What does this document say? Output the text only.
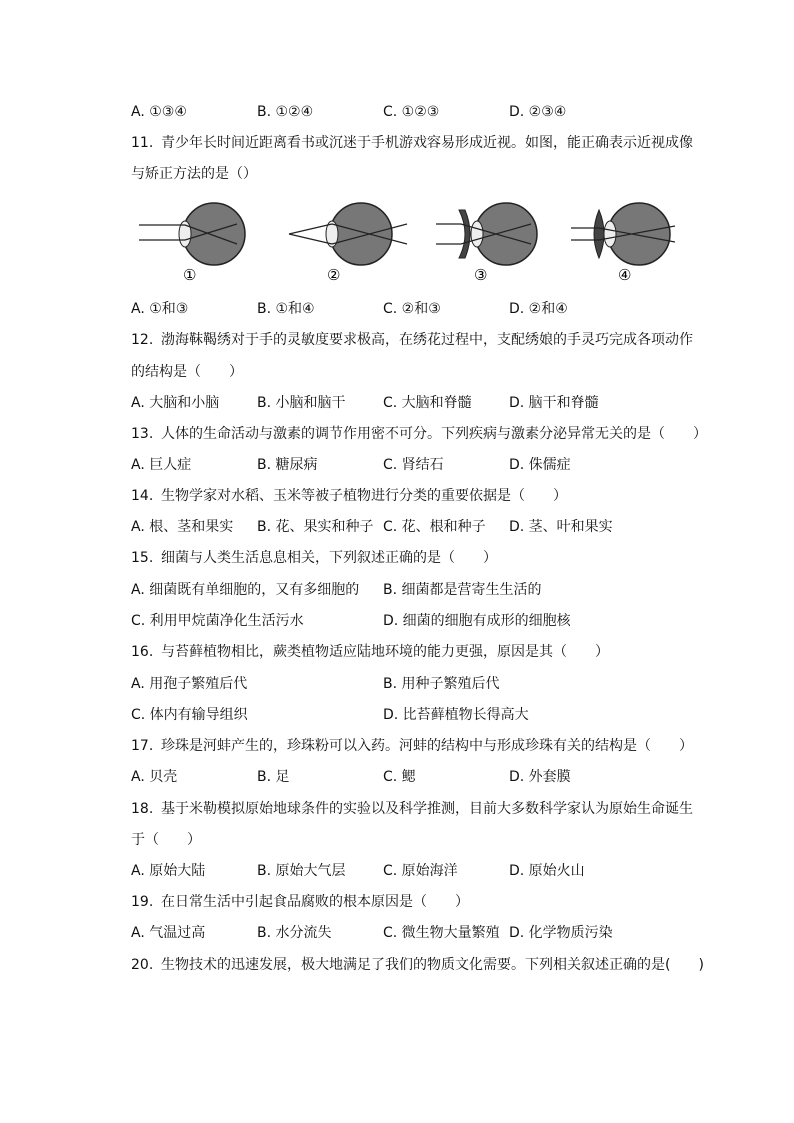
A. ①③④	B. ①②④	C. ①②③	D. ②③④
11. 青少年长时间近距离看书或沉迷于手机游戏容易形成近视。如图，能正确表示近视成像
与矫正方法的是（）
①	②	③	④
A. ①和③	B. ①和④	C. ②和③	D. ②和④
12. 渤海靺鞨绣对于手的灵敏度要求极高，在绣花过程中，支配绣娘的手灵巧完成各项动作
的结构是（　　）
A. 大脑和小脑	B. 小脑和脑干	C. 大脑和脊髓	D. 脑干和脊髓
13. 人体的生命活动与激素的调节作用密不可分。下列疾病与激素分泌异常无关的是（　　）
A. 巨人症	B. 糖尿病	C. 肾结石	D. 侏儒症
14. 生物学家对水稻、玉米等被子植物进行分类的重要依据是（　　）
A. 根、茎和果实 B. 花、果实和种子 C. 花、根和种子 D. 茎、叶和果实
15. 细菌与人类生活息息相关，下列叙述正确的是（　　）
A. 细菌既有单细胞的，又有多细胞的 B. 细菌都是营寄生生活的
C. 利用甲烷菌净化生活污水	D. 细菌的细胞有成形的细胞核
16. 与苔藓植物相比，蕨类植物适应陆地环境的能力更强，原因是其（　　）
A. 用孢子繁殖后代	B. 用种子繁殖后代
C. 体内有输导组织	D. 比苔藓植物长得高大
17. 珍珠是河蚌产生的，珍珠粉可以入药。河蚌的结构中与形成珍珠有关的结构是（　　）
A. 贝壳	B. 足	C. 鳃	D. 外套膜
18. 基于米勒模拟原始地球条件的实验以及科学推测，目前大多数科学家认为原始生命诞生
于（　　）
A. 原始大陆	B. 原始大气层	C. 原始海洋	D. 原始火山
19. 在日常生活中引起食品腐败的根本原因是（　　）
A. 气温过高	B. 水分流失	C. 微生物大量繁殖 D. 化学物质污染
20. 生物技术的迅速发展，极大地满足了我们的物质文化需要。下列相关叙述正确的是(　　)
